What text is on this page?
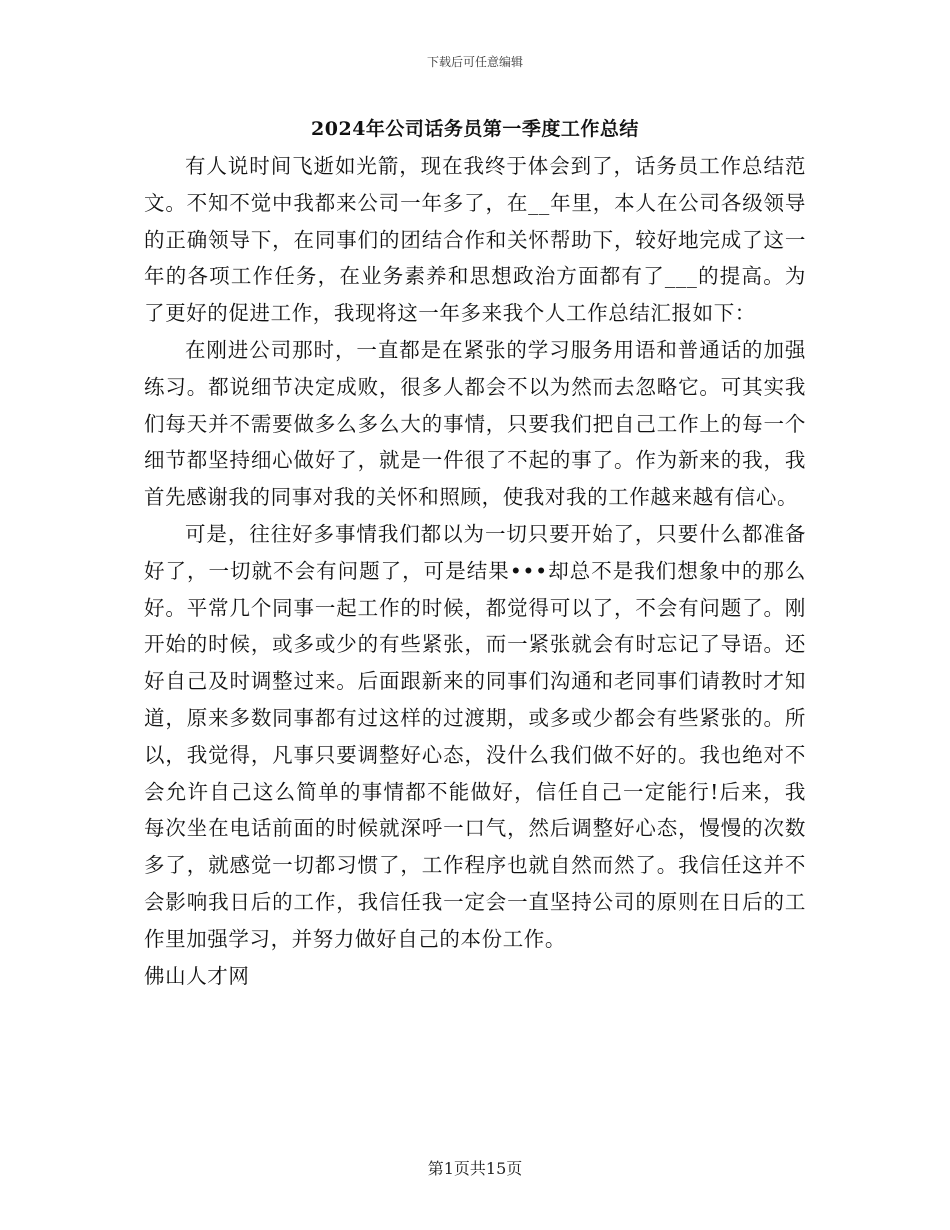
下载后可任意编辑
2024年公司话务员第一季度工作总结

有人说时间飞逝如光箭，现在我终于体会到了，话务员工作总结范文。不知不觉中我都来公司一年多了，在__年里，本人在公司各级领导的正确领导下，在同事们的团结合作和关怀帮助下，较好地完成了这一年的各项工作任务，在业务素养和思想政治方面都有了___的提高。为了更好的促进工作，我现将这一年多来我个人工作总结汇报如下：

在刚进公司那时，一直都是在紧张的学习服务用语和普通话的加强练习。都说细节决定成败，很多人都会不以为然而去忽略它。可其实我们每天并不需要做多么多么大的事情，只要我们把自己工作上的每一个细节都坚持细心做好了，就是一件很了不起的事了。作为新来的我，我首先感谢我的同事对我的关怀和照顾，使我对我的工作越来越有信心。

可是，往往好多事情我们都以为一切只要开始了，只要什么都准备好了，一切就不会有问题了，可是结果•••却总不是我们想象中的那么好。平常几个同事一起工作的时候，都觉得可以了，不会有问题了。刚开始的时候，或多或少的有些紧张，而一紧张就会有时忘记了导语。还好自己及时调整过来。后面跟新来的同事们沟通和老同事们请教时才知道，原来多数同事都有过这样的过渡期，或多或少都会有些紧张的。所以，我觉得，凡事只要调整好心态，没什么我们做不好的。我也绝对不会允许自己这么简单的事情都不能做好，信任自己一定能行!后来，我每次坐在电话前面的时候就深呼一口气，然后调整好心态，慢慢的次数多了，就感觉一切都习惯了，工作程序也就自然而然了。我信任这并不会影响我日后的工作，我信任我一定会一直坚持公司的原则在日后的工作里加强学习，并努力做好自己的本份工作。

佛山人才网

第1页共15页
